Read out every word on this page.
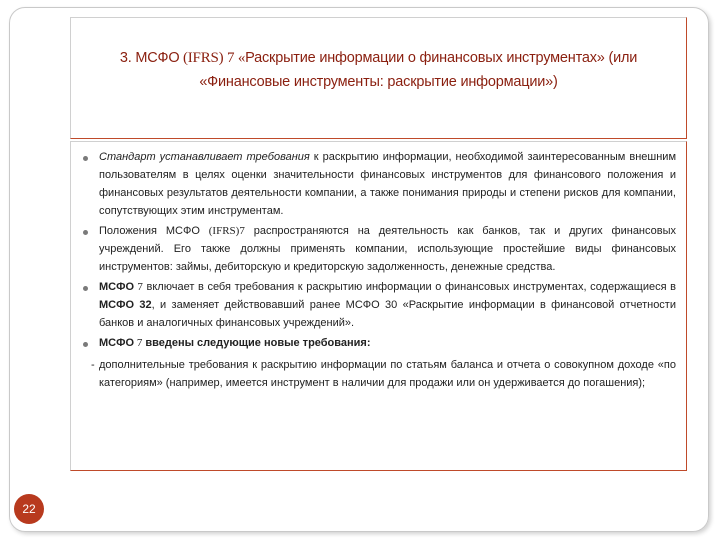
3. МСФО (IFRS) 7 «Раскрытие информации о финансовых инструментах» (или
«Финансовые инструменты: раскрытие информации»)
Стандарт устанавливает требования к раскрытию информации, необходимой заинтересованным внешним пользователям в целях оценки значительности финансовых инструментов для финансового положения и финансовых результатов деятельности компании, а также понимания природы и степени рисков для компании, сопутствующих этим инструментам.
Положения МСФО (IFRS)7 распространяются на деятельность как банков, так и других финансовых учреждений. Его также должны применять компании, использующие простейшие виды финансовых инструментов: займы, дебиторскую и кредиторскую задолженность, денежные средства.
МСФО 7 включает в себя требования к раскрытию информации о финансовых инструментах, содержащиеся в МСФО 32, и заменяет действовавший ранее МСФО 30 «Раскрытие информации в финансовой отчетности банков и аналогичных финансовых учреждений».
МСФО 7 введены следующие новые требования:
- дополнительные требования к раскрытию информации по статьям баланса и отчета о совокупном доходе «по категориям» (например, имеется инструмент в наличии для продажи или он удерживается до погашения);
22
